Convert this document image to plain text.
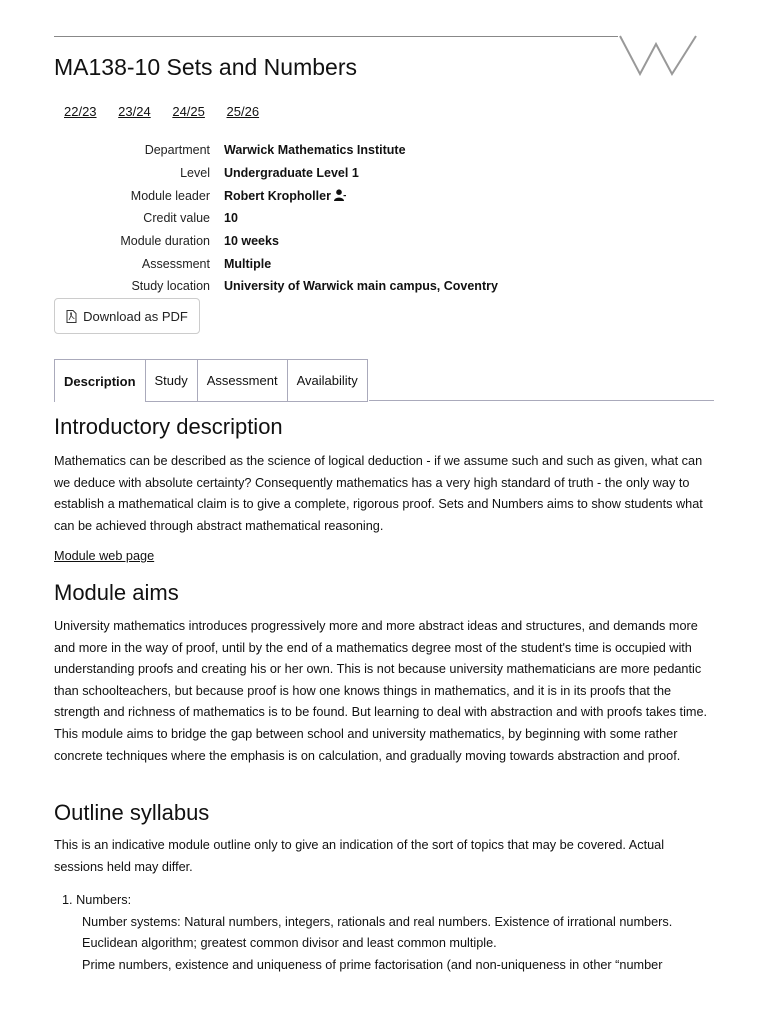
MA138-10 Sets and Numbers
22/23 23/24 24/25 25/26
Department	Warwick Mathematics Institute
Level	Undergraduate Level 1
Module leader	Robert Kropholler
Credit value	10
Module duration	10 weeks
Assessment	Multiple
Study location	University of Warwick main campus, Coventry
Download as PDF
Description	Study	Assessment	Availability
Introductory description

Mathematics can be described as the science of logical deduction - if we assume such and such as given, what can we deduce with absolute certainty? Consequently mathematics has a very high standard of truth - the only way to establish a mathematical claim is to give a complete, rigorous proof. Sets and Numbers aims to show students what can be achieved through abstract mathematical reasoning.

Module web page
Module aims

University mathematics introduces progressively more and more abstract ideas and structures, and demands more and more in the way of proof, until by the end of a mathematics degree most of the student's time is occupied with understanding proofs and creating his or her own. This is not because university mathematicians are more pedantic than schoolteachers, but because proof is how one knows things in mathematics, and it is in its proofs that the strength and richness of mathematics is to be found. But learning to deal with abstraction and with proofs takes time. This module aims to bridge the gap between school and university mathematics, by beginning with some rather concrete techniques where the emphasis is on calculation, and gradually moving towards abstraction and proof.

Outline syllabus

This is an indicative module outline only to give an indication of the sort of topics that may be covered. Actual sessions held may differ.

1. Numbers:
Number systems: Natural numbers, integers, rationals and real numbers. Existence of irrational numbers.
Euclidean algorithm; greatest common divisor and least common multiple.
Prime numbers, existence and uniqueness of prime factorisation (and non-uniqueness in other “number
